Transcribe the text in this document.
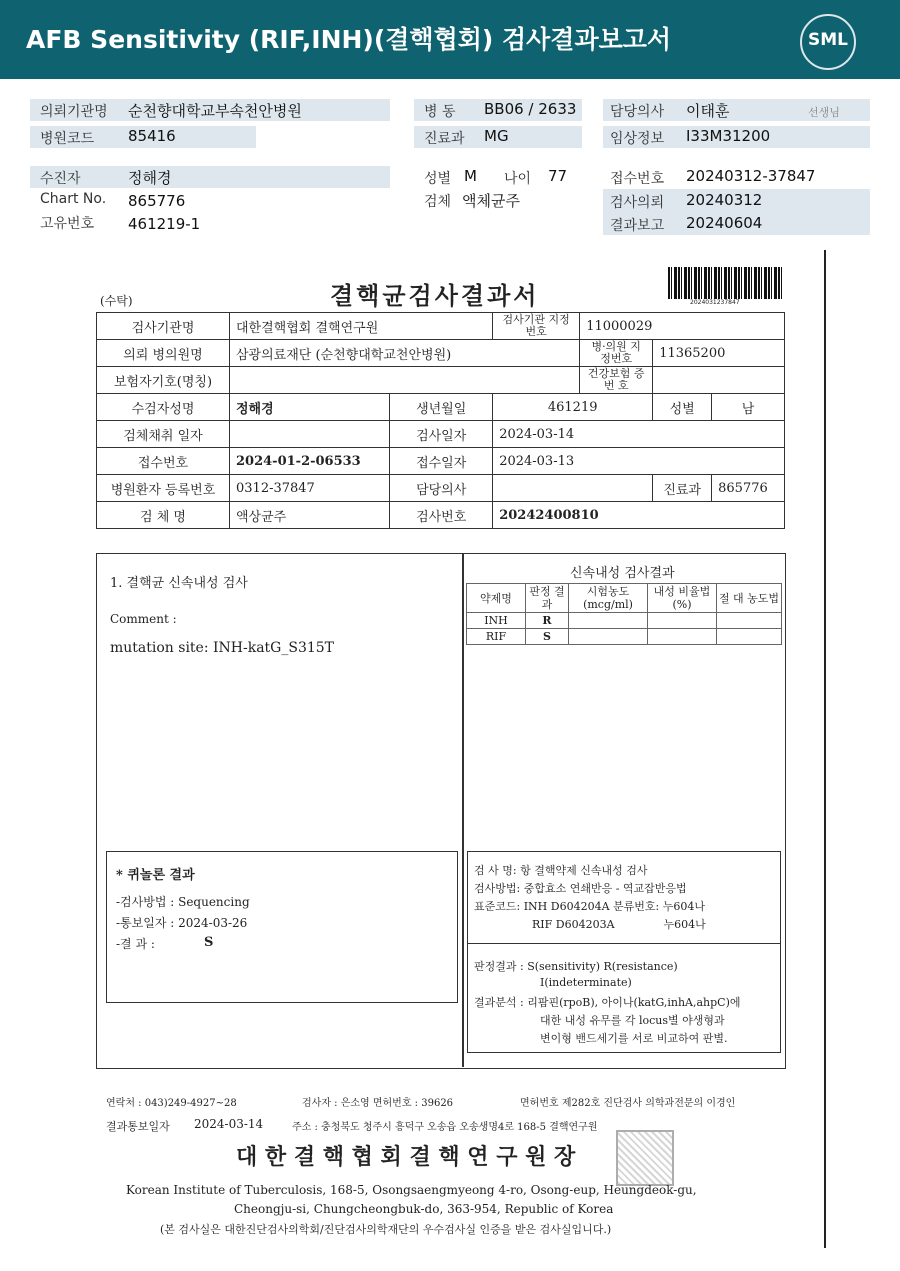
AFB Sensitivity (RIF,INH)(결핵협회) 검사결과보고서	SML
의뢰기관명 순천향대학교부속천안병원	병 동 BB06 / 2633 담당의사 이태훈	선생님
병원코드 85416	진료과 MG	임상정보 I33M31200
수진자	정해경	성별 M 나이 77	접수번호 20240312-37847
Chart No. 865776	검체 액체균주	검사의뢰 20240312
고유번호 461219-1	결과보고 20240604
(수탁)	결핵균검사결과서	2024031237847
검사기관명	대한결핵협회 결핵연구원		검사기관 지정번호	11000029		
의뢰 병의원명	삼광의료재단 (순천향대학교천안병원)			병·의원 지정번호	11365200	
보험자기호(명칭)				건강보험 증 번 호		
수검자성명	정해경	생년월일	461219		성별	남
검체채취 일자		검사일자	2024-03-14			
접수번호	2024-01-2-06533	접수일자	2024-03-13			
병원환자 등록번호	0312-37847	담당의사			진료과	865776
검 체 명	액상균주	검사번호	20242400810			
1. 결핵균 신속내성 검사
Comment :
mutation site: INH-katG_S315T
* 퀴놀론 결과
-검사방법 : Sequencing
-통보일자 : 2024-03-26
-결 과 :	S
신속내성 검사결과
약제명	판정 결과	시험농도 (mcg/ml)	내성 비율법(%)	절 대 농도법
INH	R			
RIF	S			
검 사 명: 항 결핵약제 신속내성 검사
검사방법: 중합효소 연쇄반응 - 역교잡반응법
표준코드: INH D604204A 분류번호: 누604나
RIF D604203A              누604나
판정결과 : S(sensitivity) R(resistance)
I(indeterminate)
결과분석 : 리팜핀(rpoB), 아이나(katG,inhA,ahpC)에
대한 내성 유무를 각 locus별 야생형과
변이형 밴드세기를 서로 비교하여 판별.
연락처 : 043)249-4927~28	검사자 : 은소영 면허번호 : 39626	면허번호 제282호 진단검사 의학과전문의 이경인
결과통보일자 2024-03-14	주소 : 충청북도 청주시 흥덕구 오송읍 오송생명4로 168-5 결핵연구원
대 한 결 핵 협 회 결 핵 연 구 원 장
Korean Institute of Tuberculosis, 168-5, Osongsaengmyeong 4-ro, Osong-eup, Heungdeok-gu,
Cheongju-si, Chungcheongbuk-do, 363-954, Republic of Korea
(본 검사실은 대한진단검사의학회/진단검사의학재단의 우수검사실 인증을 받은 검사실입니다.)
